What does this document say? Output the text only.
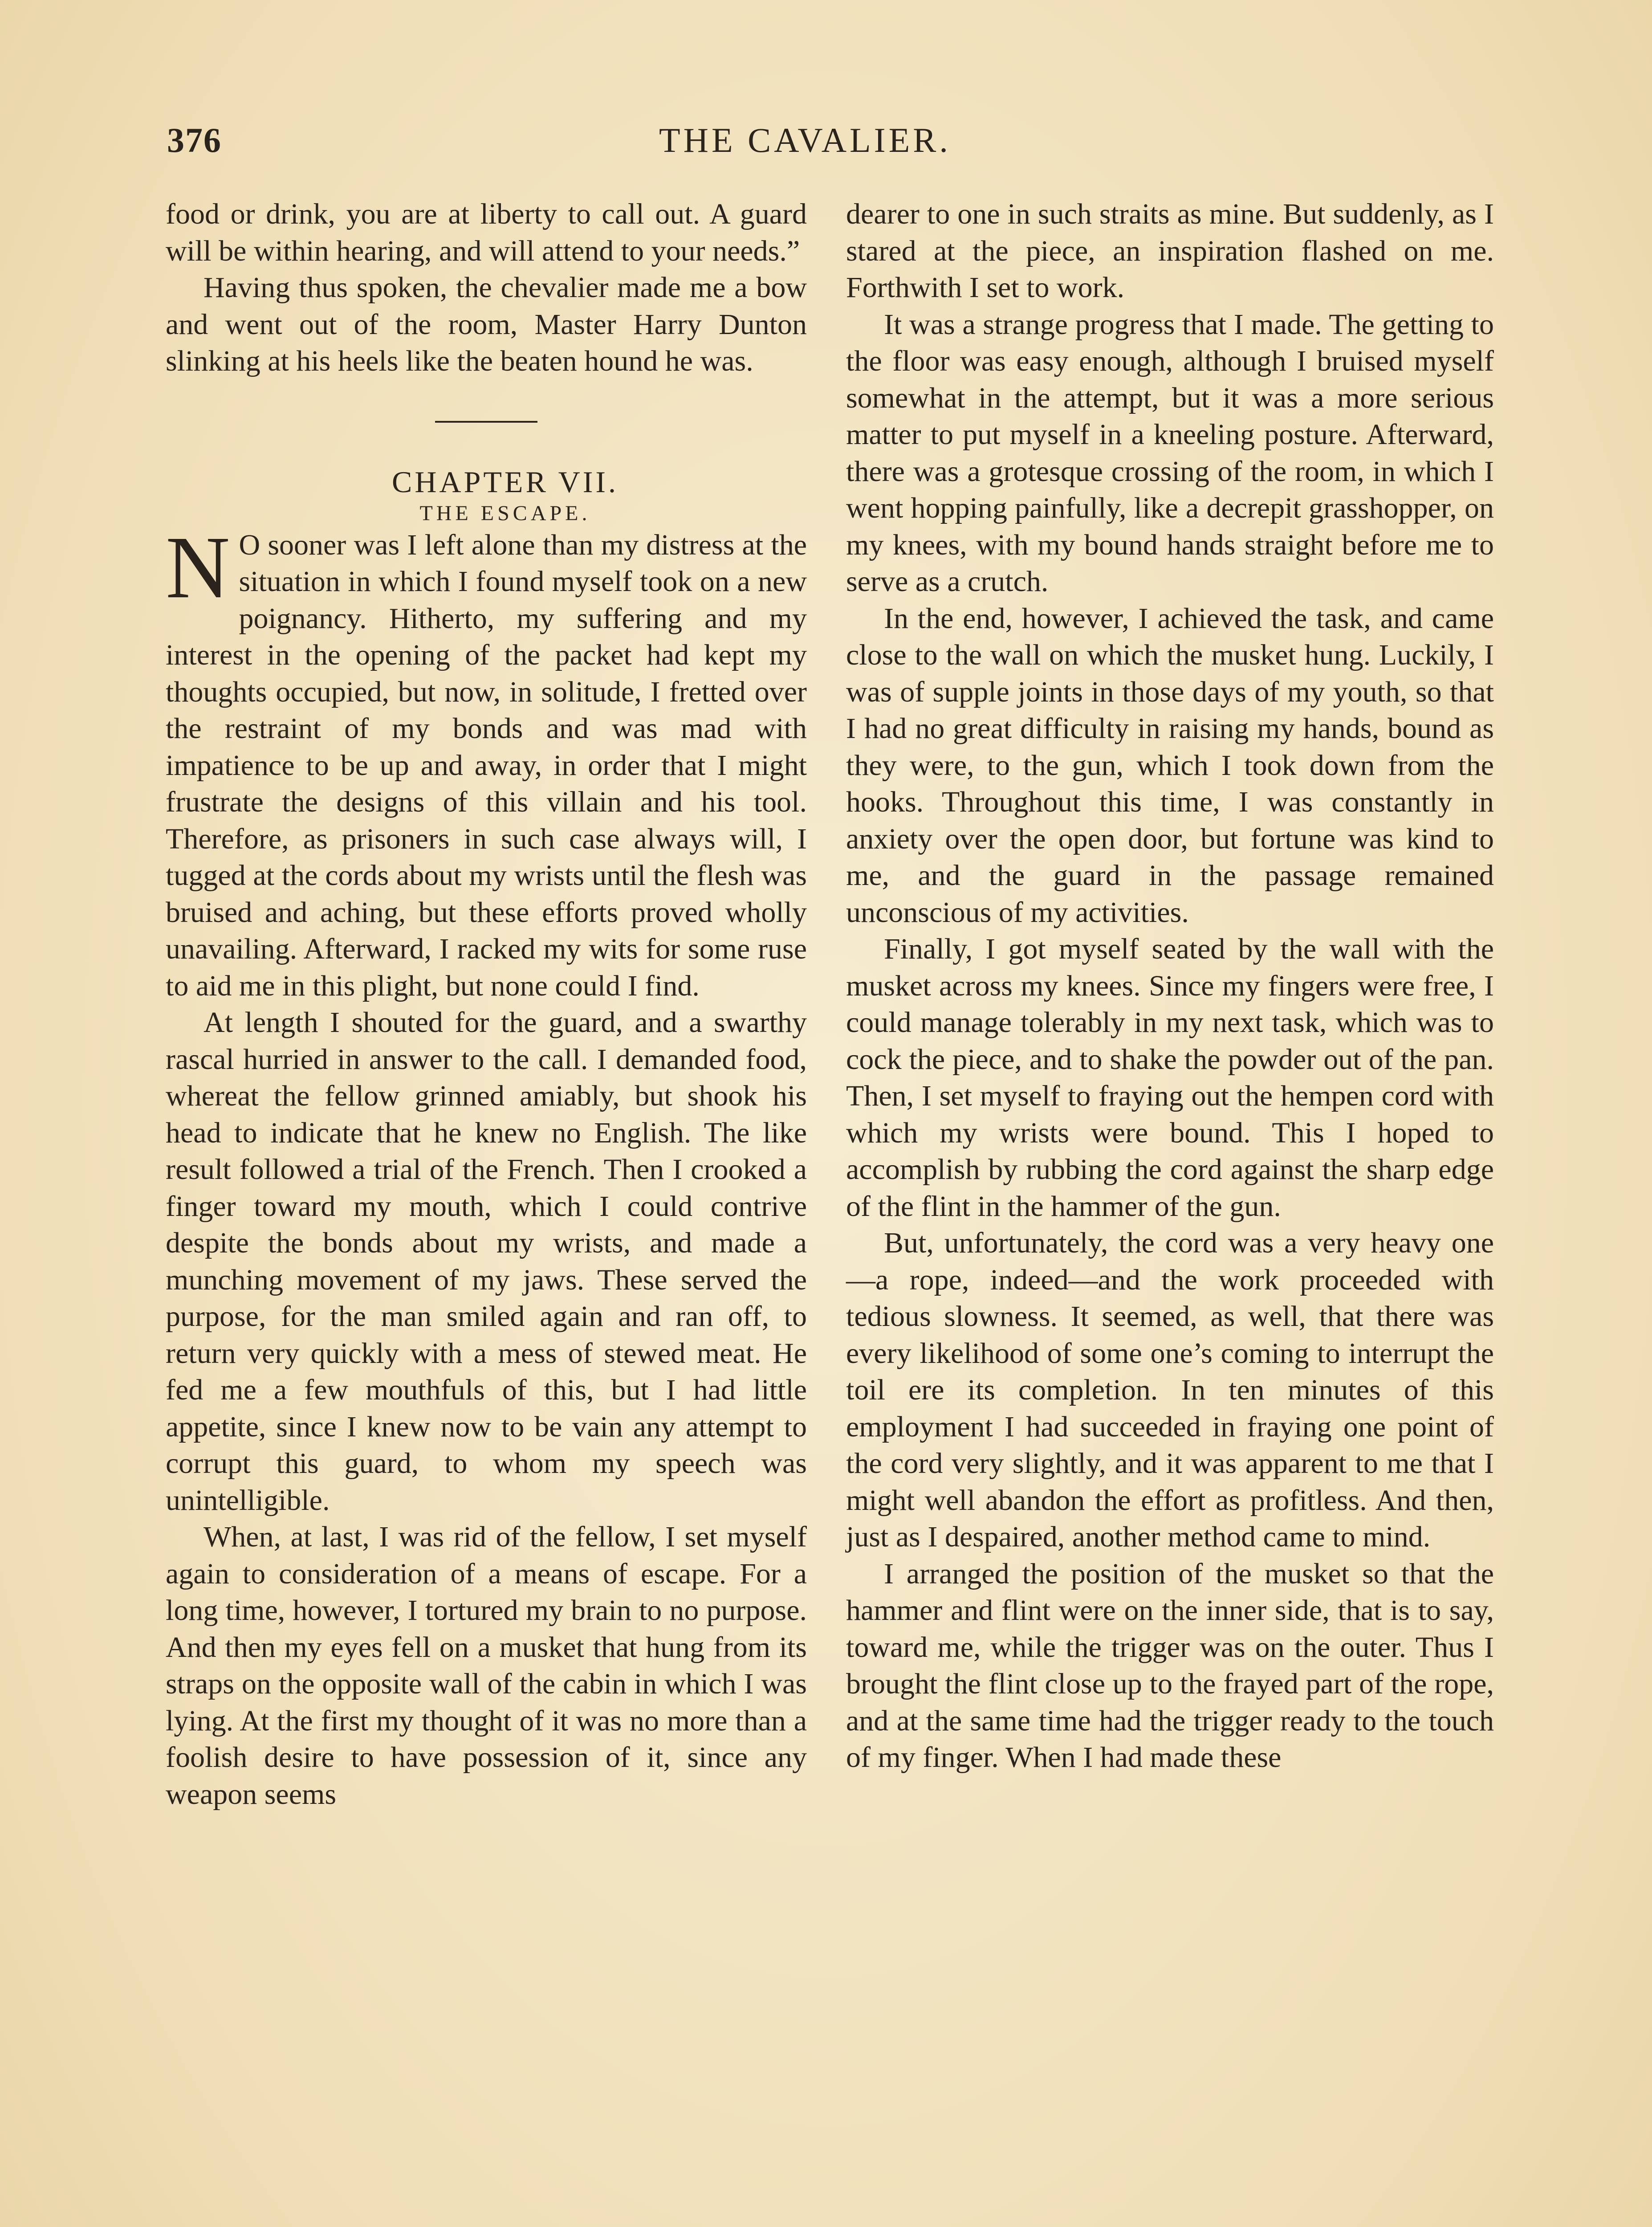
376	THE CAVALIER.

food or drink, you are at liberty to call out. A guard will be within hearing, and will attend to your needs.”

Having thus spoken, the chevalier made me a bow and went out of the room, Master Harry Dunton slinking at his heels like the beaten hound he was.

CHAPTER VII.

THE ESCAPE.

N O sooner was I left alone than my distress at the situation in which I found myself took on a new poignancy. Hitherto, my suffering and my interest in the opening of the packet had kept my thoughts occupied, but now, in solitude, I fretted over the restraint of my bonds and was mad with impatience to be up and away, in order that I might frustrate the designs of this villain and his tool. Therefore, as prisoners in such case always will, I tugged at the cords about my wrists until the flesh was bruised and aching, but these efforts proved wholly unavailing. Afterward, I racked my wits for some ruse to aid me in this plight, but none could I find.

At length I shouted for the guard, and a swarthy rascal hurried in answer to the call. I demanded food, whereat the fellow grinned amiably, but shook his head to indicate that he knew no English. The like result followed a trial of the French. Then I crooked a finger toward my mouth, which I could contrive despite the bonds about my wrists, and made a munching movement of my jaws. These served the purpose, for the man smiled again and ran off, to return very quickly with a mess of stewed meat. He fed me a few mouthfuls of this, but I had little appetite, since I knew now to be vain any attempt to corrupt this guard, to whom my speech was unintelligible.

When, at last, I was rid of the fellow, I set myself again to consideration of a means of escape. For a long time, however, I tortured my brain to no purpose. And then my eyes fell on a musket that hung from its straps on the opposite wall of the cabin in which I was lying. At the first my thought of it was no more than a foolish desire to have possession of it, since any weapon seems

dearer to one in such straits as mine. But suddenly, as I stared at the piece, an inspiration flashed on me. Forthwith I set to work.

It was a strange progress that I made. The getting to the floor was easy enough, although I bruised myself somewhat in the attempt, but it was a more serious matter to put myself in a kneeling posture. Afterward, there was a grotesque crossing of the room, in which I went hopping painfully, like a decrepit grasshopper, on my knees, with my bound hands straight before me to serve as a crutch.

In the end, however, I achieved the task, and came close to the wall on which the musket hung. Luckily, I was of supple joints in those days of my youth, so that I had no great difficulty in raising my hands, bound as they were, to the gun, which I took down from the hooks. Throughout this time, I was constantly in anxiety over the open door, but fortune was kind to me, and the guard in the passage remained unconscious of my activities.

Finally, I got myself seated by the wall with the musket across my knees. Since my fingers were free, I could manage tolerably in my next task, which was to cock the piece, and to shake the powder out of the pan. Then, I set myself to fraying out the hempen cord with which my wrists were bound. This I hoped to accomplish by rubbing the cord against the sharp edge of the flint in the hammer of the gun.

But, unfortunately, the cord was a very heavy one—a rope, indeed—and the work proceeded with tedious slowness. It seemed, as well, that there was every likelihood of some one’s coming to interrupt the toil ere its completion. In ten minutes of this employment I had succeeded in fraying one point of the cord very slightly, and it was apparent to me that I might well abandon the effort as profitless. And then, just as I despaired, another method came to mind.

I arranged the position of the musket so that the hammer and flint were on the inner side, that is to say, toward me, while the trigger was on the outer. Thus I brought the flint close up to the frayed part of the rope, and at the same time had the trigger ready to the touch of my finger. When I had made these
